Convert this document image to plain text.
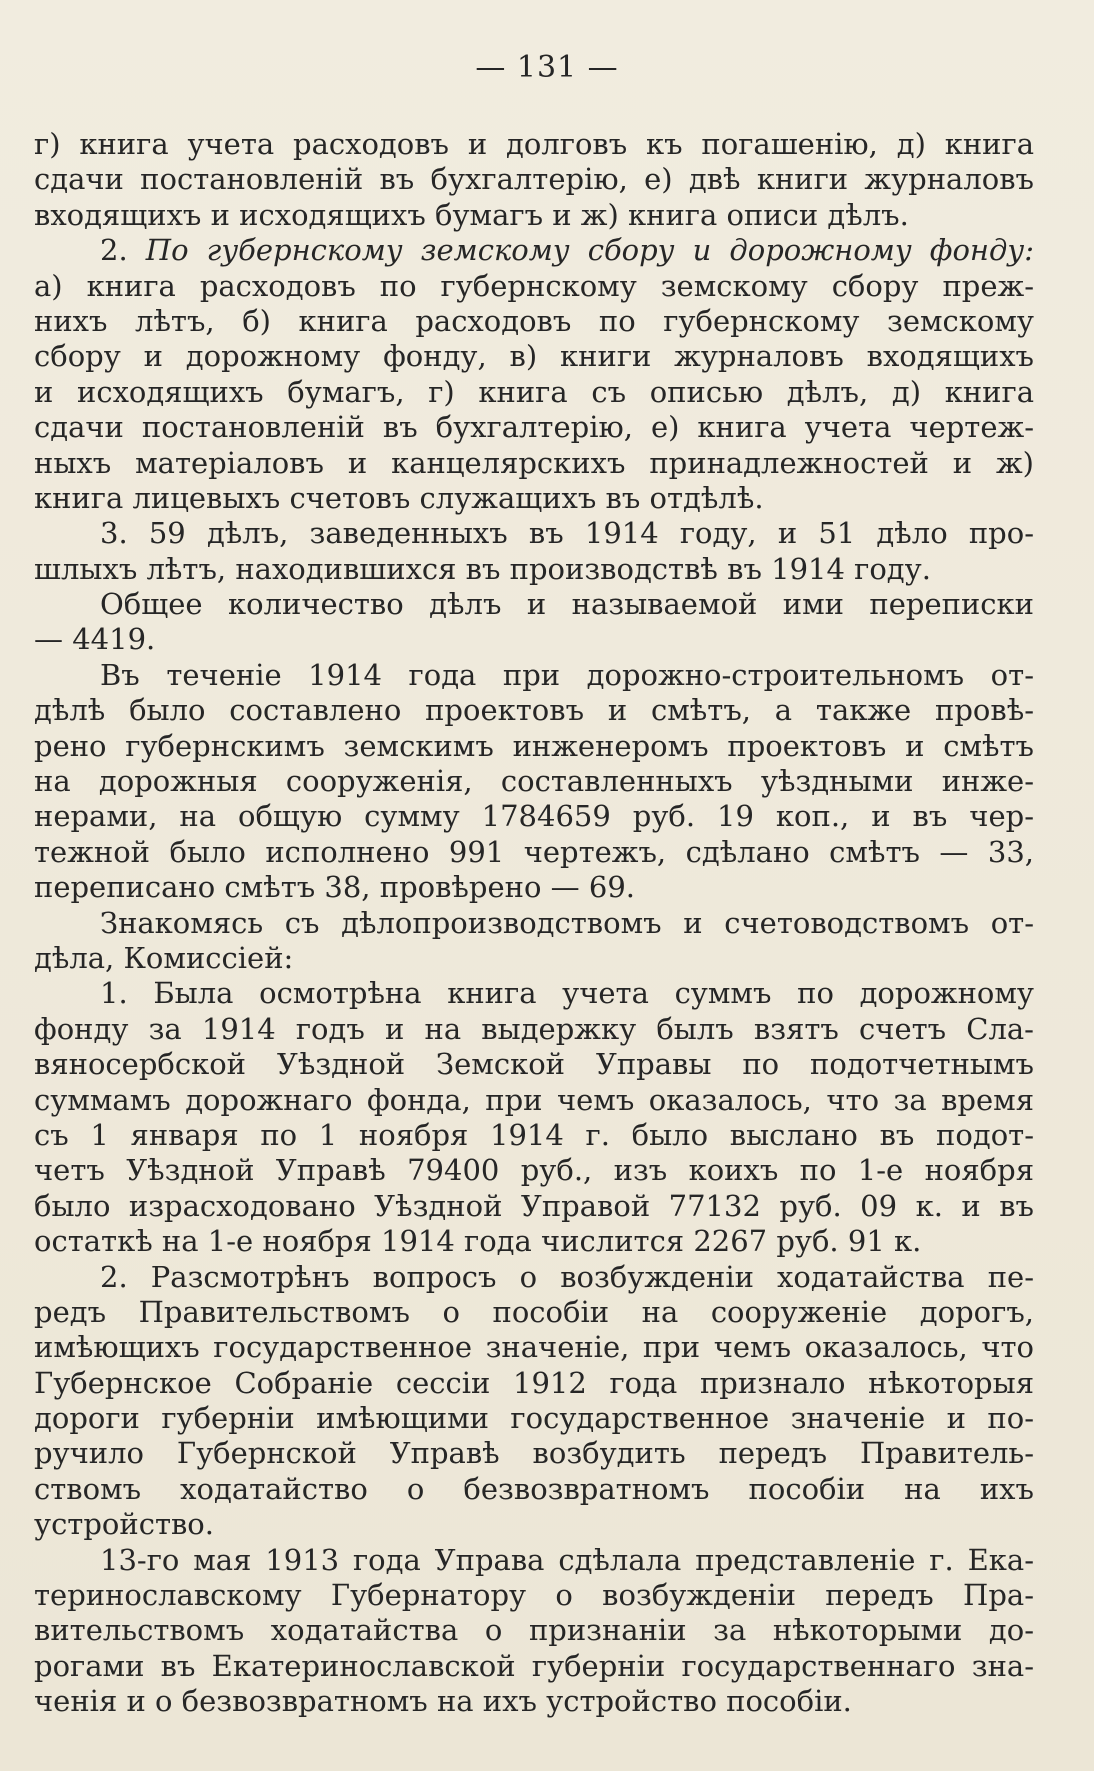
— 131 —
г) книга учета расходовъ и долговъ къ погашенію, д) книга
сдачи постановленій въ бухгалтерію, е) двѣ книги журналовъ
входящихъ и исходящихъ бумагъ и ж) книга описи дѣлъ.
2. По губернскому земскому сбору и дорожному фонду:
а) книга расходовъ по губернскому земскому сбору преж-
нихъ лѣтъ, б) книга расходовъ по губернскому земскому
сбору и дорожному фонду, в) книги журналовъ входящихъ
и исходящихъ бумагъ, г) книга съ описью дѣлъ, д) книга
сдачи постановленій въ бухгалтерію, е) книга учета чертеж-
ныхъ матеріаловъ и канцелярскихъ принадлежностей и ж)
книга лицевыхъ счетовъ служащихъ въ отдѣлѣ.
3. 59 дѣлъ, заведенныхъ въ 1914 году, и 51 дѣло про-
шлыхъ лѣтъ, находившихся въ производствѣ въ 1914 году.
Общее количество дѣлъ и называемой ими переписки
— 4419.
Въ теченіе 1914 года при дорожно-строительномъ от-
дѣлѣ было составлено проектовъ и смѣтъ, а также провѣ-
рено губернскимъ земскимъ инженеромъ проектовъ и смѣтъ
на дорожныя сооруженія, составленныхъ уѣздными инже-
нерами, на общую сумму 1784659 руб. 19 коп., и въ чер-
тежной было исполнено 991 чертежъ, сдѣлано смѣтъ — 33,
переписано смѣтъ 38, провѣрено — 69.
Знакомясь съ дѣлопроизводствомъ и счетоводствомъ от-
дѣла, Комиссіей:
1. Была осмотрѣна книга учета суммъ по дорожному
фонду за 1914 годъ и на выдержку былъ взятъ счетъ Сла-
вяносербской Уѣздной Земской Управы по подотчетнымъ
суммамъ дорожнаго фонда, при чемъ оказалось, что за время
съ 1 января по 1 ноября 1914 г. было выслано въ подот-
четъ Уѣздной Управѣ 79400 руб., изъ коихъ по 1-е ноября
было израсходовано Уѣздной Управой 77132 руб. 09 к. и въ
остаткѣ на 1-е ноября 1914 года числится 2267 руб. 91 к.
2. Разсмотрѣнъ вопросъ о возбужденіи ходатайства пе-
редъ Правительствомъ о пособіи на сооруженіе дорогъ,
имѣющихъ государственное значеніе, при чемъ оказалось, что
Губернское Собраніе сессіи 1912 года признало нѣкоторыя
дороги губерніи имѣющими государственное значеніе и по-
ручило Губернской Управѣ возбудить передъ Правитель-
ствомъ ходатайство о безвозвратномъ пособіи на ихъ
устройство.
13-го мая 1913 года Управа сдѣлала представленіе г. Ека-
теринославскому Губернатору о возбужденіи передъ Пра-
вительствомъ ходатайства о признаніи за нѣкоторыми до-
рогами въ Екатеринославской губерніи государственнаго зна-
ченія и о безвозвратномъ на ихъ устройство пособіи.
